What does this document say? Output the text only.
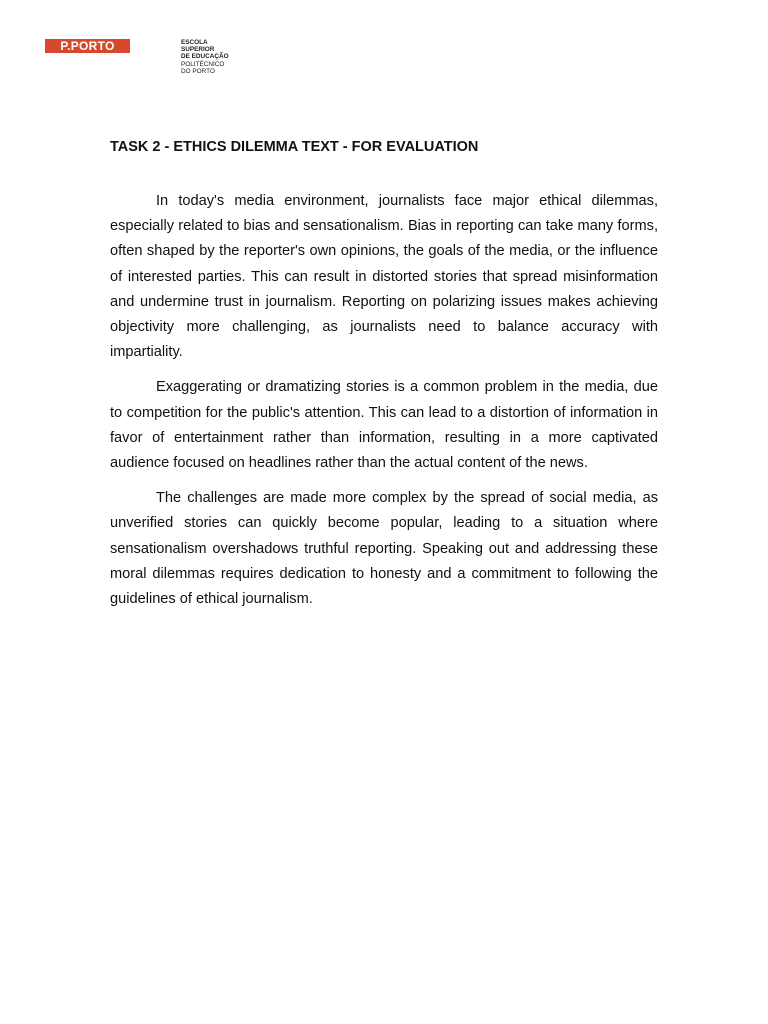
P.PORTO	ESCOLA
SUPERIOR
DE EDUCAÇÃO
POLITÉCNICO
DO PORTO
TASK 2 - ETHICS DILEMMA TEXT - FOR EVALUATION

In today's media environment, journalists face major ethical dilemmas, especially related to bias and sensationalism. Bias in reporting can take many forms, often shaped by the reporter's own opinions, the goals of the media, or the influence of interested parties. This can result in distorted stories that spread misinformation and undermine trust in journalism. Reporting on polarizing issues makes achieving objectivity more challenging, as journalists need to balance accuracy with impartiality.

Exaggerating or dramatizing stories is a common problem in the media, due to competition for the public's attention. This can lead to a distortion of information in favor of entertainment rather than information, resulting in a more captivated audience focused on headlines rather than the actual content of the news.

The challenges are made more complex by the spread of social media, as unverified stories can quickly become popular, leading to a situation where sensationalism overshadows truthful reporting. Speaking out and addressing these moral dilemmas requires dedication to honesty and a commitment to following the guidelines of ethical journalism.
